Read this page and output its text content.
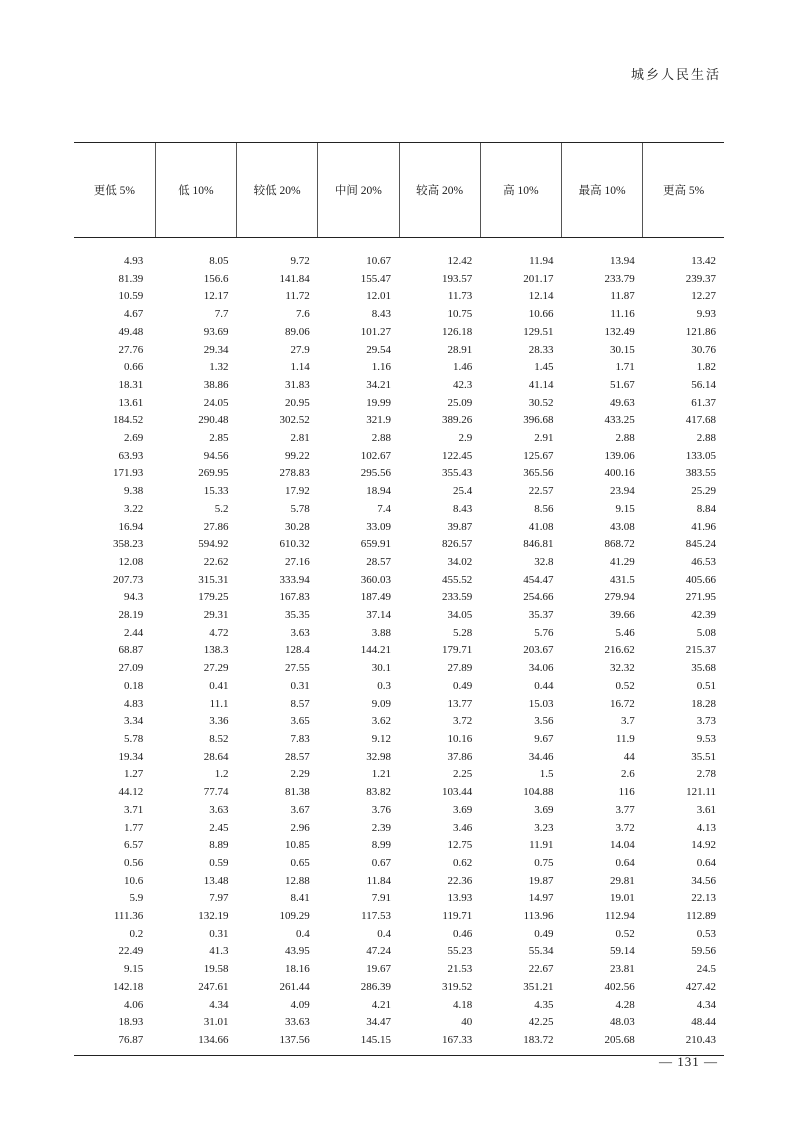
城乡人民生活
更低 5%	低 10%	较低 20%	中间 20%	较高 20%	高 10%	最高 10%	更高 5%

4.93	8.05	9.72	10.67	12.42	11.94	13.94	13.42
81.39	156.6	141.84	155.47	193.57	201.17	233.79	239.37
10.59	12.17	11.72	12.01	11.73	12.14	11.87	12.27
4.67	7.7	7.6	8.43	10.75	10.66	11.16	9.93
49.48	93.69	89.06	101.27	126.18	129.51	132.49	121.86
27.76	29.34	27.9	29.54	28.91	28.33	30.15	30.76
0.66	1.32	1.14	1.16	1.46	1.45	1.71	1.82
18.31	38.86	31.83	34.21	42.3	41.14	51.67	56.14
13.61	24.05	20.95	19.99	25.09	30.52	49.63	61.37
184.52	290.48	302.52	321.9	389.26	396.68	433.25	417.68
2.69	2.85	2.81	2.88	2.9	2.91	2.88	2.88
63.93	94.56	99.22	102.67	122.45	125.67	139.06	133.05
171.93	269.95	278.83	295.56	355.43	365.56	400.16	383.55
9.38	15.33	17.92	18.94	25.4	22.57	23.94	25.29
3.22	5.2	5.78	7.4	8.43	8.56	9.15	8.84
16.94	27.86	30.28	33.09	39.87	41.08	43.08	41.96
358.23	594.92	610.32	659.91	826.57	846.81	868.72	845.24
12.08	22.62	27.16	28.57	34.02	32.8	41.29	46.53
207.73	315.31	333.94	360.03	455.52	454.47	431.5	405.66
94.3	179.25	167.83	187.49	233.59	254.66	279.94	271.95
28.19	29.31	35.35	37.14	34.05	35.37	39.66	42.39
2.44	4.72	3.63	3.88	5.28	5.76	5.46	5.08
68.87	138.3	128.4	144.21	179.71	203.67	216.62	215.37
27.09	27.29	27.55	30.1	27.89	34.06	32.32	35.68
0.18	0.41	0.31	0.3	0.49	0.44	0.52	0.51
4.83	11.1	8.57	9.09	13.77	15.03	16.72	18.28
3.34	3.36	3.65	3.62	3.72	3.56	3.7	3.73
5.78	8.52	7.83	9.12	10.16	9.67	11.9	9.53
19.34	28.64	28.57	32.98	37.86	34.46	44	35.51
1.27	1.2	2.29	1.21	2.25	1.5	2.6	2.78
44.12	77.74	81.38	83.82	103.44	104.88	116	121.11
3.71	3.63	3.67	3.76	3.69	3.69	3.77	3.61
1.77	2.45	2.96	2.39	3.46	3.23	3.72	4.13
6.57	8.89	10.85	8.99	12.75	11.91	14.04	14.92
0.56	0.59	0.65	0.67	0.62	0.75	0.64	0.64
10.6	13.48	12.88	11.84	22.36	19.87	29.81	34.56
5.9	7.97	8.41	7.91	13.93	14.97	19.01	22.13
111.36	132.19	109.29	117.53	119.71	113.96	112.94	112.89
0.2	0.31	0.4	0.4	0.46	0.49	0.52	0.53
22.49	41.3	43.95	47.24	55.23	55.34	59.14	59.56
9.15	19.58	18.16	19.67	21.53	22.67	23.81	24.5
142.18	247.61	261.44	286.39	319.52	351.21	402.56	427.42
4.06	4.34	4.09	4.21	4.18	4.35	4.28	4.34
18.93	31.01	33.63	34.47	40	42.25	48.03	48.44
76.87	134.66	137.56	145.15	167.33	183.72	205.68	210.43

— 131 —
